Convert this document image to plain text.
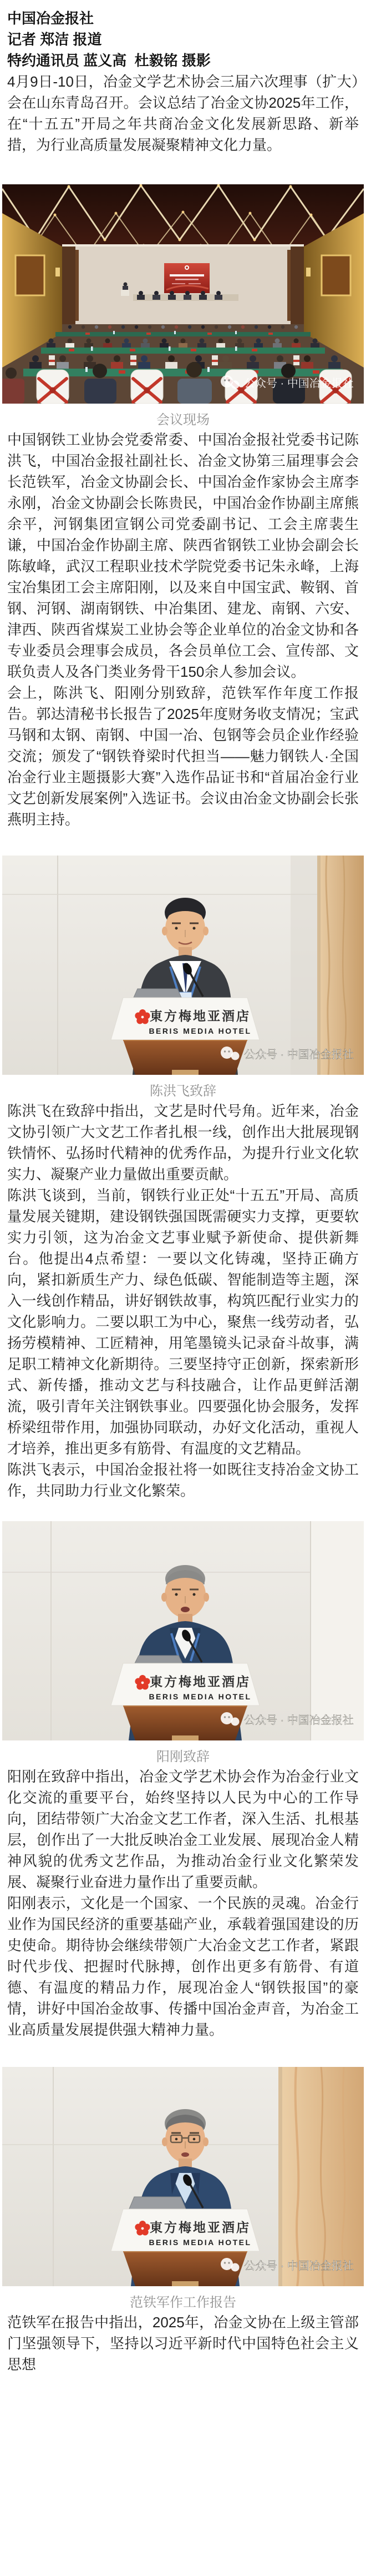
中国冶金报社
记者 郑洁 报道
特约通讯员 蓝义高  杜毅铭 摄影

4月9日-10日，冶金文学艺术协会三届六次理事（扩大）会在山东青岛召开。会议总结了冶金文协2025年工作，在“十五五”开局之年共商冶金文化发展新思路、新举措，为行业高质量发展凝聚精神文化力量。

公众号 · 中国冶金报社
会议现场

中国钢铁工业协会党委常委、中国冶金报社党委书记陈洪飞，中国冶金报社副社长、冶金文协第三届理事会会长范铁军，冶金文协副会长、中国冶金作家协会主席李永刚，冶金文协副会长陈贵民，中国冶金作协副主席熊余平，河钢集团宣钢公司党委副书记、工会主席裴生谦，中国冶金作协副主席、陕西省钢铁工业协会副会长陈敏峰，武汉工程职业技术学院党委书记朱永峰，上海宝冶集团工会主席阳刚，以及来自中国宝武、鞍钢、首钢、河钢、湖南钢铁、中冶集团、建龙、南钢、六安、津西、陕西省煤炭工业协会等企业单位的冶金文协和各专业委员会理事会成员，各会员单位工会、宣传部、文联负责人及各门类业务骨干150余人参加会议。

会上，陈洪飞、阳刚分别致辞，范铁军作年度工作报告。郭达清秘书长报告了2025年度财务收支情况；宝武马钢和太钢、南钢、中国一冶、包钢等会员企业作经验交流；颁发了“钢铁脊梁时代担当——魅力钢铁人·全国冶金行业主题摄影大赛”入选作品证书和“首届冶金行业文艺创新发展案例”入选证书。会议由冶金文协副会长张燕明主持。

東方梅地亚酒店
BERIS MEDIA HOTEL
公众号 · 中国冶金报社
陈洪飞致辞

陈洪飞在致辞中指出，文艺是时代号角。近年来，冶金文协引领广大文艺工作者扎根一线，创作出大批展现钢铁情怀、弘扬时代精神的优秀作品，为提升行业文化软实力、凝聚产业力量做出重要贡献。

陈洪飞谈到，当前，钢铁行业正处“十五五”开局、高质量发展关键期，建设钢铁强国既需硬实力支撑，更要软实力引领，这为冶金文艺事业赋予新使命、提供新舞台。他提出4点希望：一要以文化铸魂，坚持正确方向，紧扣新质生产力、绿色低碳、智能制造等主题，深入一线创作精品，讲好钢铁故事，构筑匹配行业实力的文化影响力。二要以职工为中心，聚焦一线劳动者，弘扬劳模精神、工匠精神，用笔墨镜头记录奋斗故事，满足职工精神文化新期待。三要坚持守正创新，探索新形式、新传播，推动文艺与科技融合，让作品更鲜活潮流，吸引青年关注钢铁事业。四要强化协会服务，发挥桥梁纽带作用，加强协同联动，办好文化活动，重视人才培养，推出更多有筋骨、有温度的文艺精品。

陈洪飞表示，中国冶金报社将一如既往支持冶金文协工作，共同助力行业文化繁荣。

東方梅地亚酒店
BERIS MEDIA HOTEL
公众号 · 中国冶金报社
阳刚致辞

阳刚在致辞中指出，冶金文学艺术协会作为冶金行业文化交流的重要平台，始终坚持以人民为中心的工作导向，团结带领广大冶金文艺工作者，深入生活、扎根基层，创作出了一大批反映冶金工业发展、展现冶金人精神风貌的优秀文艺作品，为推动冶金行业文化繁荣发展、凝聚行业奋进力量作出了重要贡献。

阳刚表示，文化是一个国家、一个民族的灵魂。冶金行业作为国民经济的重要基础产业，承载着强国建设的历史使命。期待协会继续带领广大冶金文艺工作者，紧跟时代步伐、把握时代脉搏，创作出更多有筋骨、有道德、有温度的精品力作，展现冶金人“钢铁报国”的豪情，讲好中国冶金故事、传播中国冶金声音，为冶金工业高质量发展提供强大精神力量。

東方梅地亚酒店
BERIS MEDIA HOTEL
公众号 · 中国冶金报社
范铁军作工作报告

范铁军在报告中指出，2025年，冶金文协在上级主管部门坚强领导下，坚持以习近平新时代中国特色社会主义思想
